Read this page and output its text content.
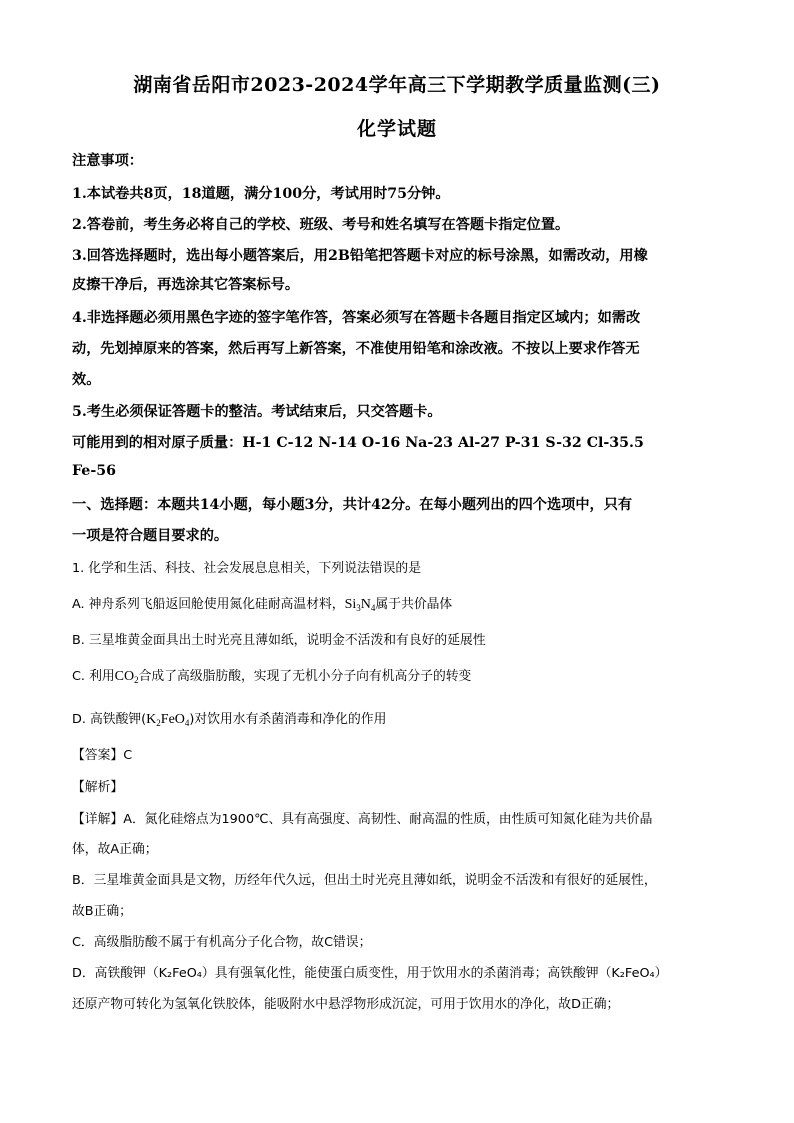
湖南省岳阳市2023-2024学年高三下学期教学质量监测(三)
化学试题
注意事项：
1.本试卷共8页，18道题，满分100分，考试用时75分钟。
2.答卷前，考生务必将自己的学校、班级、考号和姓名填写在答题卡指定位置。
3.回答选择题时，选出每小题答案后，用2B铅笔把答题卡对应的标号涂黑，如需改动，用橡
皮擦干净后，再选涂其它答案标号。
4.非选择题必须用黑色字迹的签字笔作答，答案必须写在答题卡各题目指定区域内；如需改
动，先划掉原来的答案，然后再写上新答案，不准使用铅笔和涂改液。不按以上要求作答无
效。
5.考生必须保证答题卡的整洁。考试结束后，只交答题卡。
可能用到的相对原子质量：H-1 C-12 N-14 O-16 Na-23 Al-27 P-31 S-32 Cl-35.5
Fe-56
一、选择题：本题共14小题，每小题3分，共计42分。在每小题列出的四个选项中，只有
一项是符合题目要求的。
1. 化学和生活、科技、社会发展息息相关，下列说法错误的是
A. 神舟系列飞船返回舱使用氮化硅耐高温材料，$Si_3N_4$属于共价晶体
B. 三星堆黄金面具出土时光亮且薄如纸，说明金不活泼和有良好的延展性
C. 利用$CO_2$合成了高级脂肪酸，实现了无机小分子向有机高分子的转变
D. 高铁酸钾$(K_2FeO_4)$对饮用水有杀菌消毒和净化的作用
【答案】C
【解析】
【详解】A．氮化硅熔点为1900℃、具有高强度、高韧性、耐高温的性质，由性质可知氮化硅为共价晶
体，故A正确；
B．三星堆黄金面具是文物，历经年代久远，但出土时光亮且薄如纸，说明金不活泼和有很好的延展性，
故B正确；
C．高级脂肪酸不属于有机高分子化合物，故C错误；
D．高铁酸钾（K₂FeO₄）具有强氧化性，能使蛋白质变性，用于饮用水的杀菌消毒；高铁酸钾（K₂FeO₄）
还原产物可转化为氢氧化铁胶体，能吸附水中悬浮物形成沉淀，可用于饮用水的净化，故D正确；
